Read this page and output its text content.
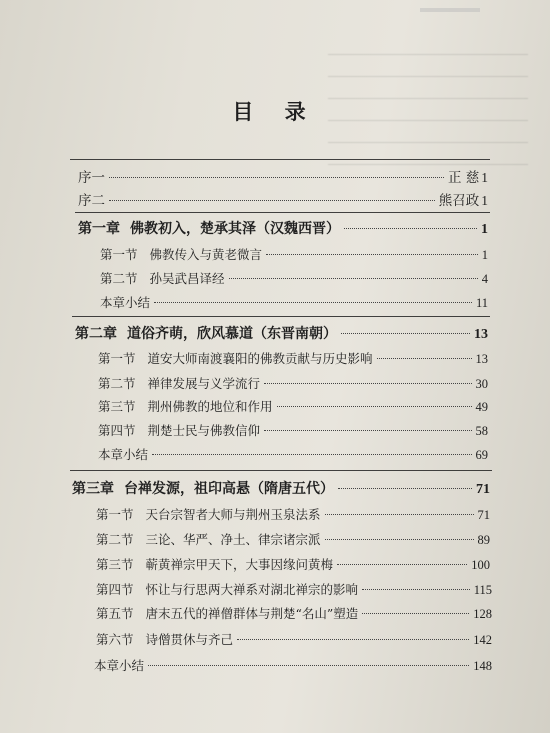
目 录
序一	正 慈 1
序二	熊召政 1
第一章 佛教初入，楚承其泽（汉魏西晋）	1
第一节 佛教传入与黄老微言	1
第二节 孙吴武昌译经	4
本章小结	11
第二章 道俗齐萌，欣风慕道（东晋南朝）	13
第一节 道安大师南渡襄阳的佛教贡献与历史影响	13
第二节 禅律发展与义学流行	30
第三节 荆州佛教的地位和作用	49
第四节 荆楚士民与佛教信仰	58
本章小结	69
第三章 台禅发源，祖印高悬（隋唐五代）	71
第一节 天台宗智者大师与荆州玉泉法系	71
第二节 三论、华严、净土、律宗诸宗派	89
第三节 蕲黄禅宗甲天下，大事因缘问黄梅	100
第四节 怀让与行思两大禅系对湖北禅宗的影响	115
第五节 唐末五代的禅僧群体与荆楚“名山”塑造	128
第六节 诗僧贯休与齐己	142
本章小结	148
